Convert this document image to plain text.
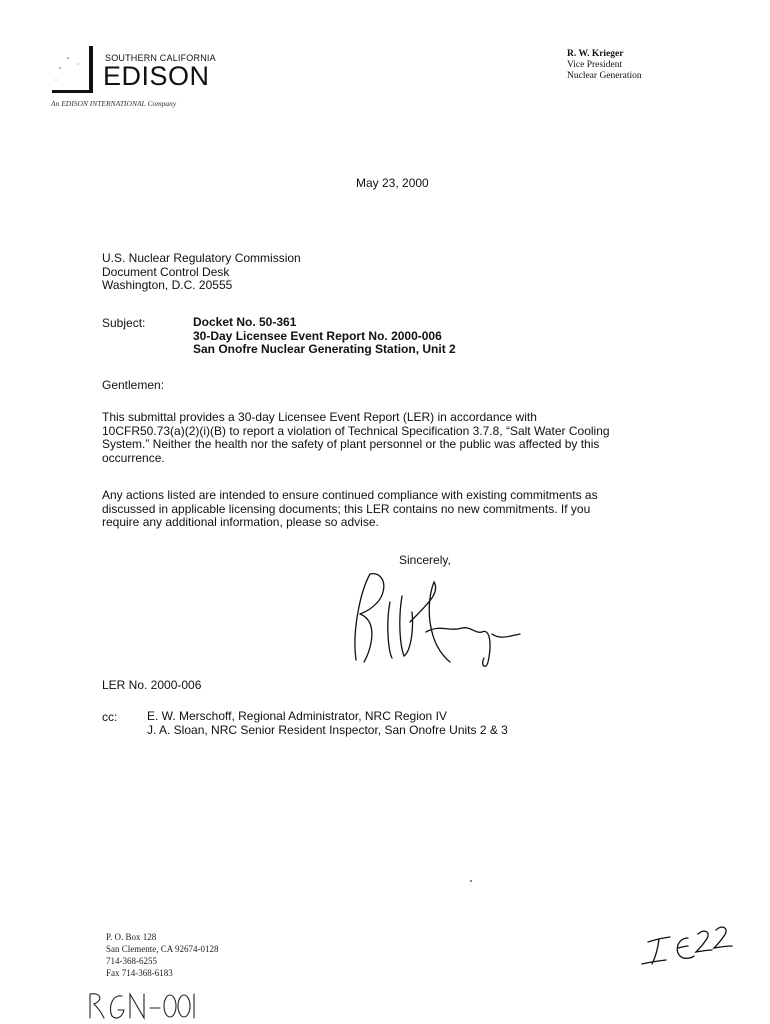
SOUTHERN CALIFORNIA
EDISON
An EDISON INTERNATIONAL Company
R. W. Krieger
Vice President
Nuclear Generation
May 23, 2000
U.S. Nuclear Regulatory Commission
Document Control Desk
Washington, D.C. 20555
Subject:	Docket No. 50-361
30-Day Licensee Event Report No. 2000-006
San Onofre Nuclear Generating Station, Unit 2
Gentlemen:
This submittal provides a 30-day Licensee Event Report (LER) in accordance with
10CFR50.73(a)(2)(i)(B) to report a violation of Technical Specification 3.7.8, “Salt Water Cooling
System.” Neither the health nor the safety of plant personnel or the public was affected by this
occurrence.
Any actions listed are intended to ensure continued compliance with existing commitments as
discussed in applicable licensing documents; this LER contains no new commitments. If you
require any additional information, please so advise.
Sincerely,
LER No. 2000-006
cc: E. W. Merschoff, Regional Administrator, NRC Region IV
J. A. Sloan, NRC Senior Resident Inspector, San Onofre Units 2 & 3
P. O. Box 128
San Clemente, CA 92674-0128
714-368-6255
Fax 714-368-6183
